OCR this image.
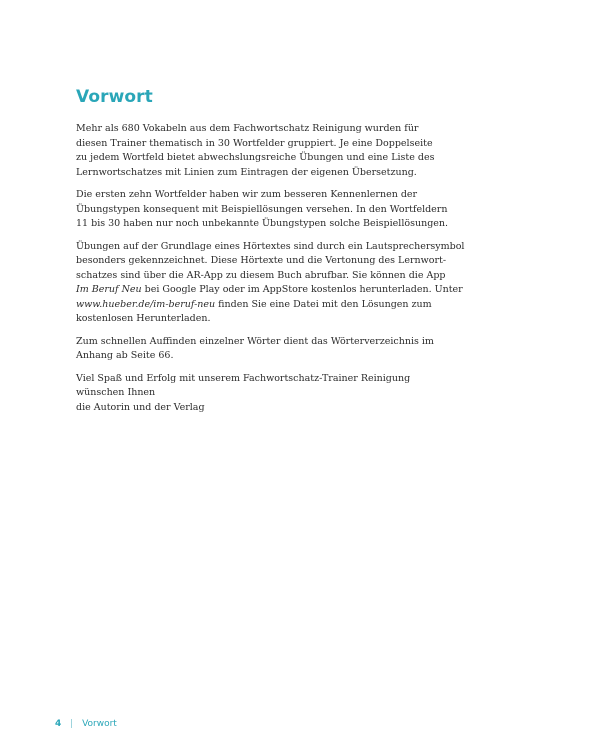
Vorwort

Mehr als 680 Vokabeln aus dem Fachwortschatz Reinigung wurden für
diesen Trainer thematisch in 30 Wortfelder gruppiert. Je eine Doppelseite
zu jedem Wortfeld bietet abwechslungsreiche Übungen und eine Liste des
Lernwortschatzes mit Linien zum Eintragen der eigenen Übersetzung.

Die ersten zehn Wortfelder haben wir zum besseren Kennenlernen der
Übungstypen konsequent mit Beispiellösungen versehen. In den Wortfeldern
11 bis 30 haben nur noch unbekannte Übungstypen solche Beispiellösungen.

Übungen auf der Grundlage eines Hörtextes sind durch ein Lautsprechersymbol
besonders gekennzeichnet. Diese Hörtexte und die Vertonung des Lernwort-
schatzes sind über die AR-App zu diesem Buch abrufbar. Sie können die App
Im Beruf Neu bei Google Play oder im AppStore kostenlos herunterladen. Unter
www.hueber.de/im-beruf-neu finden Sie eine Datei mit den Lösungen zum
kostenlosen Herunterladen.

Zum schnellen Auffinden einzelner Wörter dient das Wörterverzeichnis im
Anhang ab Seite 66.

Viel Spaß und Erfolg mit unserem Fachwortschatz-Trainer Reinigung
wünschen Ihnen
die Autorin und der Verlag

4 | Vorwort
